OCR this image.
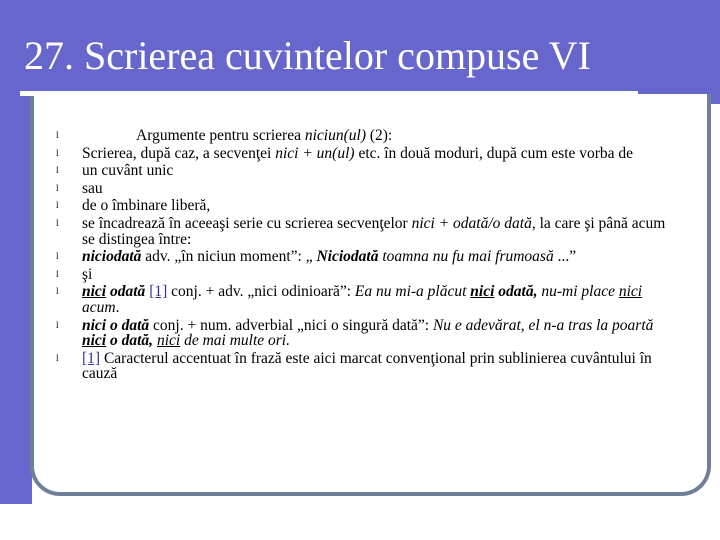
27. Scrierea cuvintelor compuse VI
l	Argumente pentru scrierea niciun(ul) (2):
l Scrierea, după caz, a secvenţei nici + un(ul) etc. în două moduri, după cum este vorba de
l un cuvânt unic
l sau
l de o îmbinare liberă,
l se încadrează în aceeaşi serie cu scrierea secvenţelor nici + odată/o dată, la care şi până acum se distingea între:
l niciodată adv. „în niciun moment”: „ Niciodată toamna nu fu mai frumoasă ...”
l şi
l nici odată [1] conj. + adv. „nici odinioară”: Ea nu mi-a plăcut nici odată, nu-mi place nici acum.
l nici o dată conj. + num. adverbial „nici o singură dată”: Nu e adevărat, el n-a tras la poartă nici o dată, nici de mai multe ori.
l [1] Caracterul accentuat în frază este aici marcat convenţional prin sublinierea cuvântului în cauză
